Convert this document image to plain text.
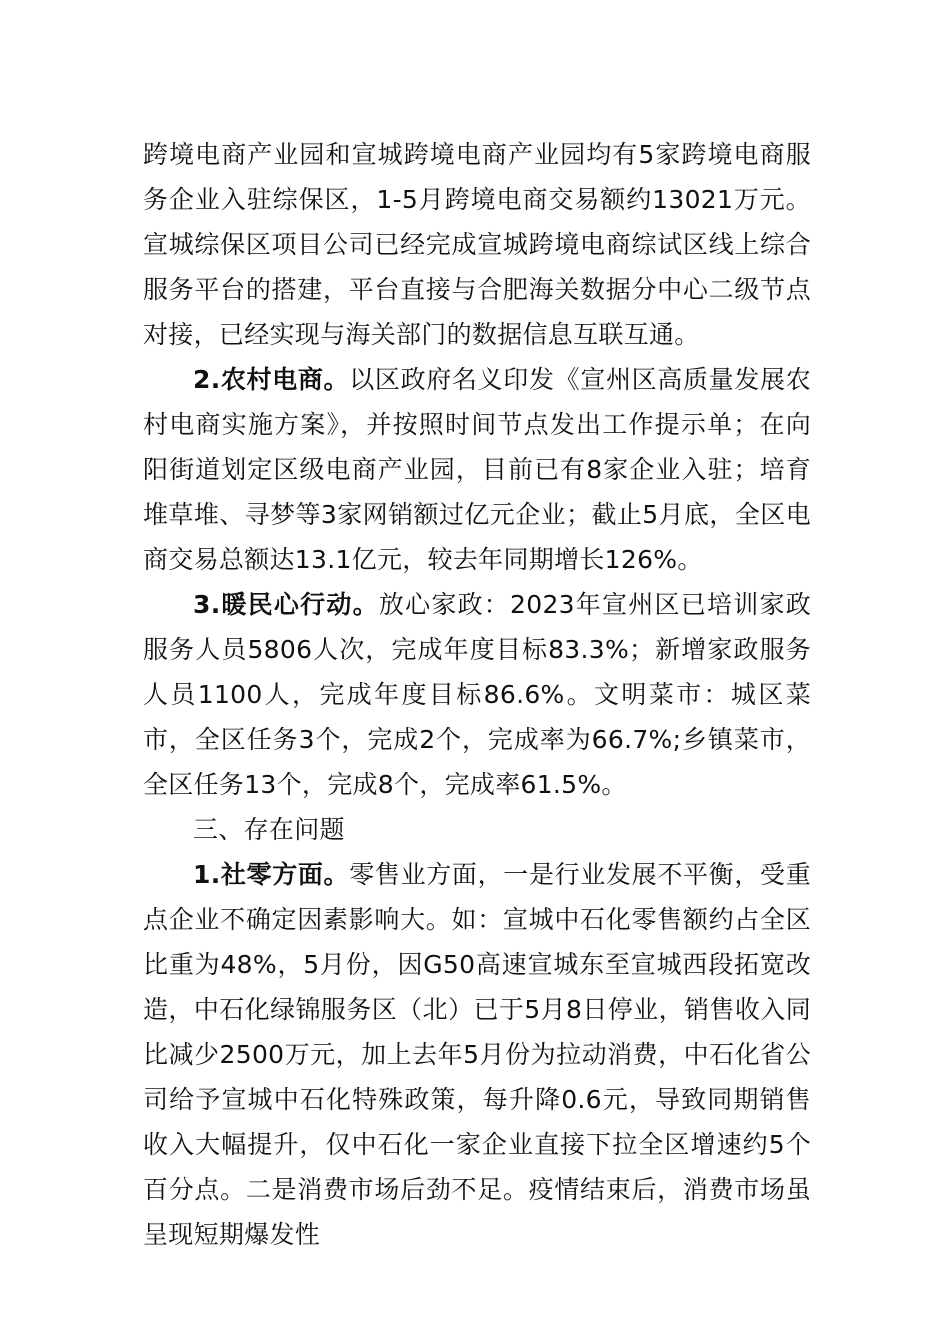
跨境电商产业园和宣城跨境电商产业园均有5家跨境电商服务企业入驻综保区，1-5月跨境电商交易额约13021万元。宣城综保区项目公司已经完成宣城跨境电商综试区线上综合服务平台的搭建，平台直接与合肥海关数据分中心二级节点对接，已经实现与海关部门的数据信息互联互通。

2.农村电商。以区政府名义印发《宣州区高质量发展农村电商实施方案》，并按照时间节点发出工作提示单；在向阳街道划定区级电商产业园，目前已有8家企业入驻；培育堆草堆、寻梦等3家网销额过亿元企业；截止5月底，全区电商交易总额达13.1亿元，较去年同期增长126%。

3.暖民心行动。放心家政：2023年宣州区已培训家政服务人员5806人次，完成年度目标83.3%；新增家政服务人员1100人，完成年度目标86.6%。文明菜市：城区菜市，全区任务3个，完成2个，完成率为66.7%;乡镇菜市，全区任务13个，完成8个，完成率61.5%。

三、存在问题

1.社零方面。零售业方面，一是行业发展不平衡，受重点企业不确定因素影响大。如：宣城中石化零售额约占全区比重为48%，5月份，因G50高速宣城东至宣城西段拓宽改造，中石化绿锦服务区（北）已于5月8日停业，销售收入同比减少2500万元，加上去年5月份为拉动消费，中石化省公司给予宣城中石化特殊政策，每升降0.6元，导致同期销售收入大幅提升，仅中石化一家企业直接下拉全区增速约5个百分点。二是消费市场后劲不足。疫情结束后，消费市场虽呈现短期爆发性
